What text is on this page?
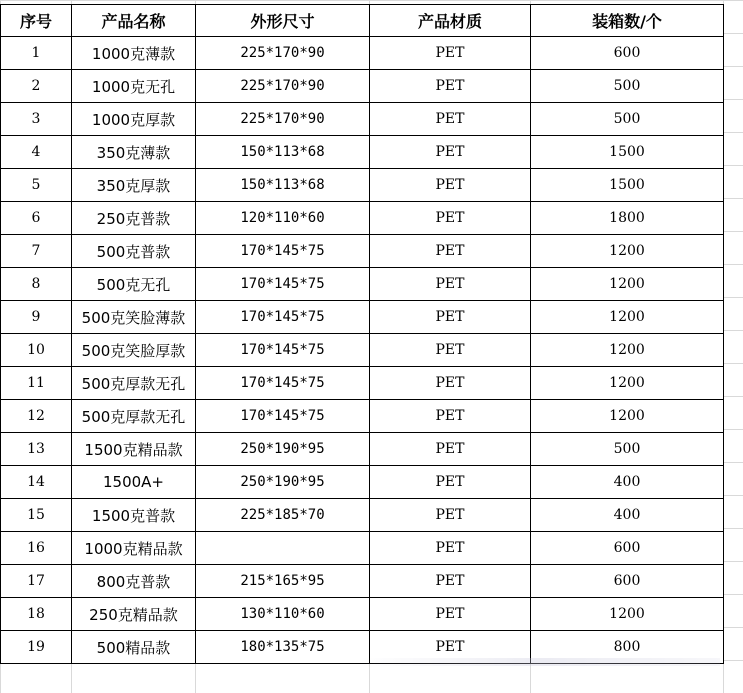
序号	产品名称	外形尺寸	产品材质	装箱数/个
1	1000克薄款	225*170*90	PET	600
2	1000克无孔	225*170*90	PET	500
3	1000克厚款	225*170*90	PET	500
4	350克薄款	150*113*68	PET	1500
5	350克厚款	150*113*68	PET	1500
6	250克普款	120*110*60	PET	1800
7	500克普款	170*145*75	PET	1200
8	500克无孔	170*145*75	PET	1200
9	500克笑脸薄款	170*145*75	PET	1200
10	500克笑脸厚款	170*145*75	PET	1200
11	500克厚款无孔	170*145*75	PET	1200
12	500克厚款无孔	170*145*75	PET	1200
13	1500克精品款	250*190*95	PET	500
14	1500A+	250*190*95	PET	400
15	1500克普款	225*185*70	PET	400
16	1000克精品款		PET	600
17	800克普款	215*165*95	PET	600
18	250克精品款	130*110*60	PET	1200
19	500精品款	180*135*75	PET	800
